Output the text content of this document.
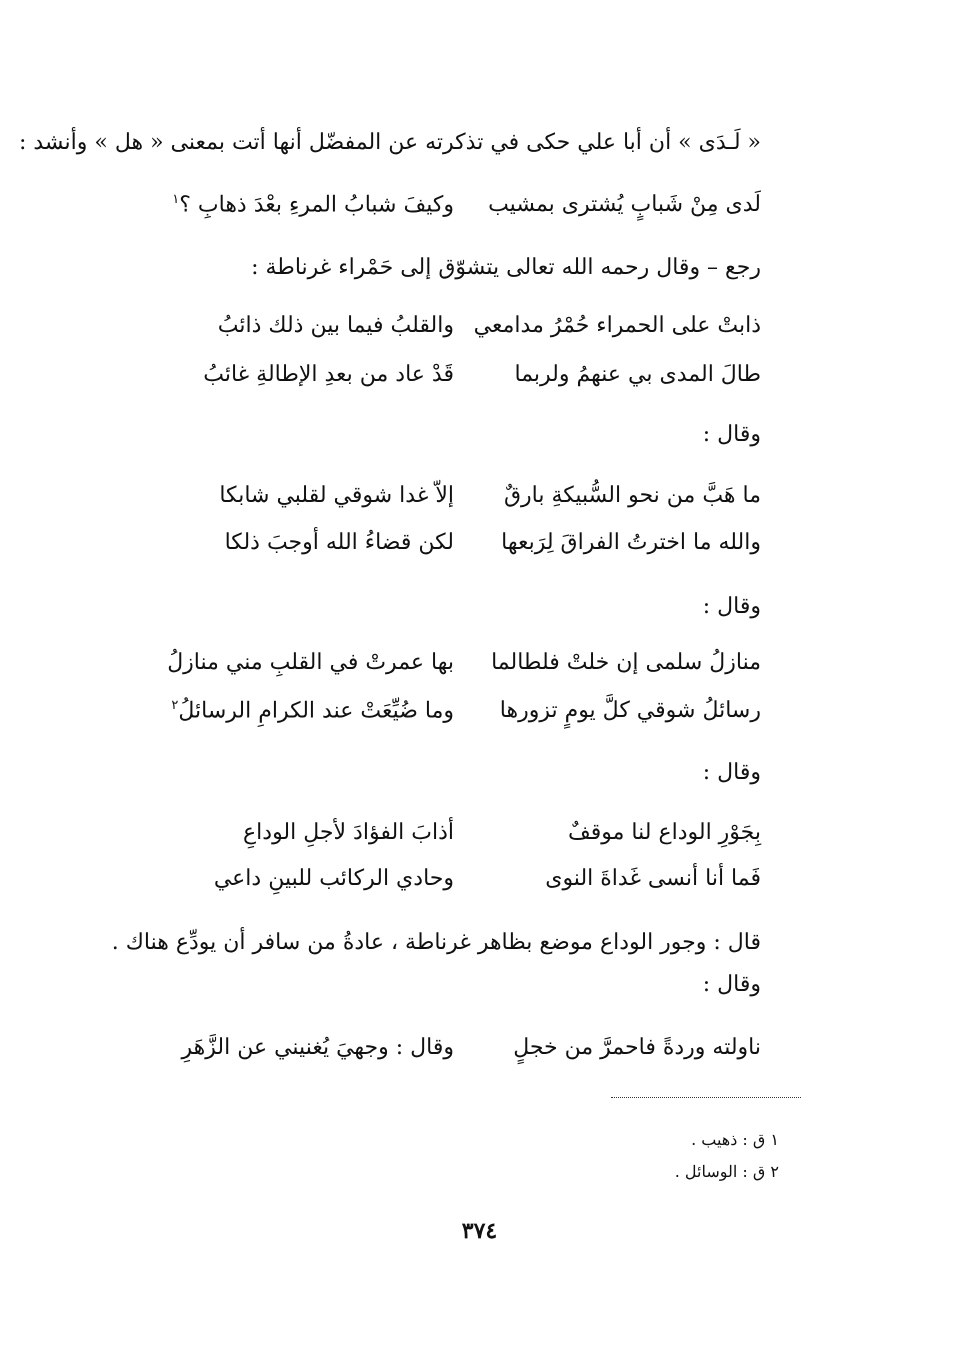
« لَـدَى » أن أبا علي حكى في تذكرته عن المفضّل أنها أتت بمعنى « هل » وأنشد :
لَدى مِنْ شَبابٍ يُشترى بمشيب
وكيفَ شبابُ المرءِ بعْدَ ذهابِ ؟$^١$
رجع – وقال رحمه الله تعالى يتشوّق إلى حَمْراء غرناطة :
ذابتْ على الحمراء حُمْرُ مدامعي
والقلبُ فيما بين ذلك ذائبُ
طالَ المدى بي عنهمُ ولربما
قَدْ عاد من بعدِ الإطالةِ غائبُ
وقال :
ما هَبَّ من نحو السُّبيكةِ بارقٌ
إلاّ غدا شوقي لقلبي شابكا
والله ما اخترتُ الفراقَ لِرَبعها
لكن قضاءُ الله أوجبَ ذلكا
وقال :
منازلُ سلمى إن خلتْ فلطالما
بها عمرتْ في القلبِ مني منازلُ
رسائلُ شوقي كلَّ يومٍ تزورها
وما ضُيِّعَتْ عند الكرامِ الرسائلُ$^٢$
وقال :
بِجَوْرِ الوداع لنا موقفٌ
أذابَ الفؤادَ لأجلِ الوداعِ
فَما أنا أنسى غَداةَ النوى
وحادي الركائب للبينِ داعي
قال : وجور الوداع موضع بظاهر غرناطة ، عادةُ من سافر أن يودِّع هناك .
وقال :
ناولته وردةً فاحمرَّ من خجلٍ
وقال : وجهيَ يُغنيني عن الزَّهَرِ
١ ق : ذهيب .
٢ ق : الوسائل .
٣٧٤
